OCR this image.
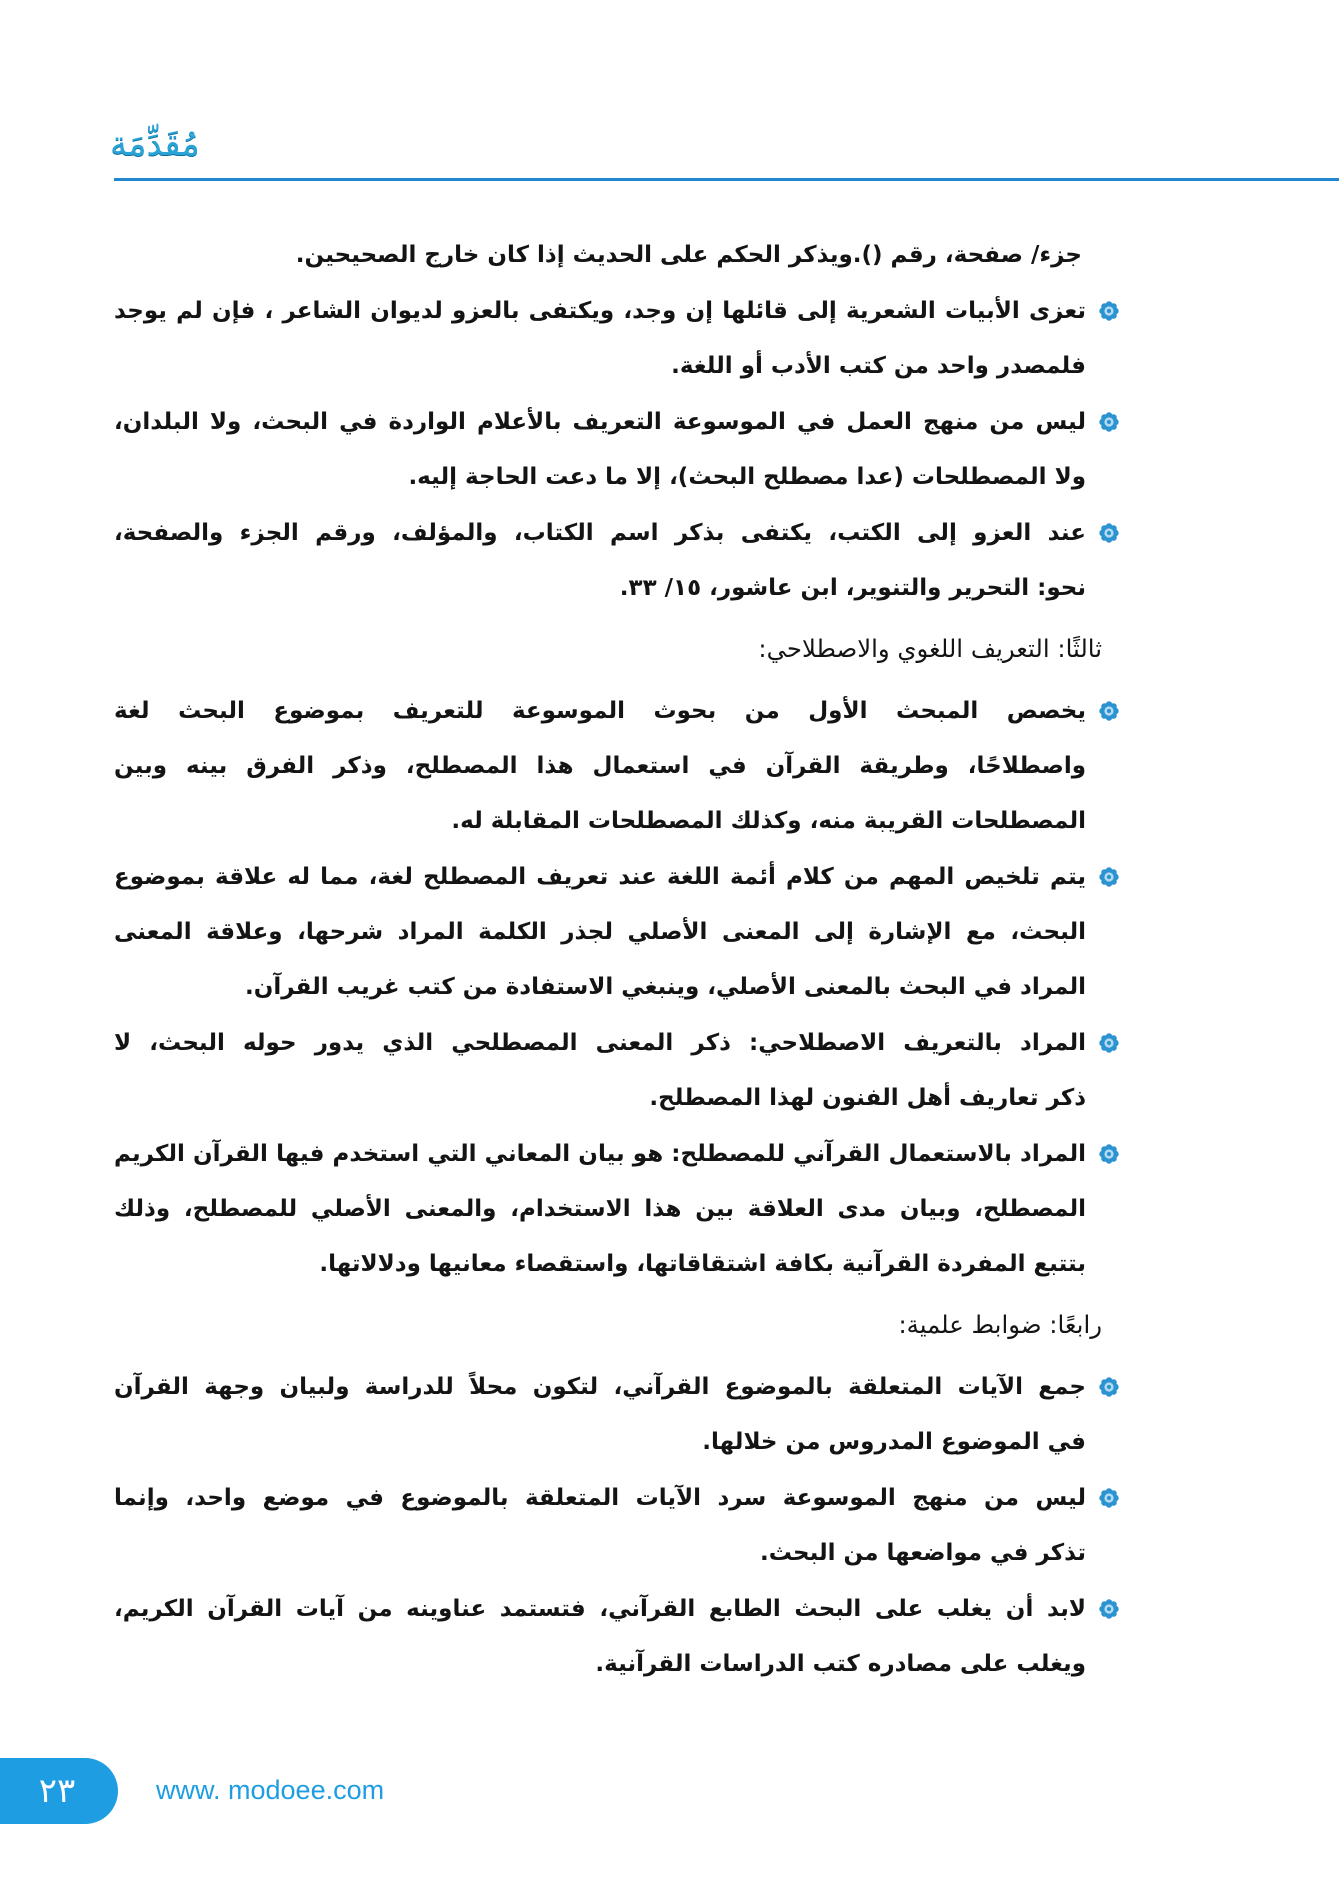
مُقَدِّمَة
جزء/ صفحة، رقم ().ويذكر الحكم على الحديث إذا كان خارج الصحيحين.
تعزى الأبيات الشعرية إلى قائلها إن وجد، ويكتفى بالعزو لديوان الشاعر ، فإن لم يوجد
فلمصدر واحد من كتب الأدب أو اللغة.
ليس من منهج العمل في الموسوعة التعريف بالأعلام الواردة في البحث، ولا البلدان،
ولا المصطلحات (عدا مصطلح البحث)، إلا ما دعت الحاجة إليه.
عند العزو إلى الكتب، يكتفى بذكر اسم الكتاب، والمؤلف، ورقم الجزء والصفحة،
نحو: التحرير والتنوير، ابن عاشور، ١٥/ ٣٣.
ثالثًا: التعريف اللغوي والاصطلاحي:
يخصص المبحث الأول من بحوث الموسوعة للتعريف بموضوع البحث لغة
واصطلاحًا، وطريقة القرآن في استعمال هذا المصطلح، وذكر الفرق بينه وبين
المصطلحات القريبة منه، وكذلك المصطلحات المقابلة له.
يتم تلخيص المهم من كلام أئمة اللغة عند تعريف المصطلح لغة، مما له علاقة بموضوع
البحث، مع الإشارة إلى المعنى الأصلي لجذر الكلمة المراد شرحها، وعلاقة المعنى
المراد في البحث بالمعنى الأصلي، وينبغي الاستفادة من كتب غريب القرآن.
المراد بالتعريف الاصطلاحي: ذكر المعنى المصطلحي الذي يدور حوله البحث، لا
ذكر تعاريف أهل الفنون لهذا المصطلح.
المراد بالاستعمال القرآني للمصطلح: هو بيان المعاني التي استخدم فيها القرآن الكريم
المصطلح، وبيان مدى العلاقة بين هذا الاستخدام، والمعنى الأصلي للمصطلح، وذلك
بتتبع المفردة القرآنية بكافة اشتقاقاتها، واستقصاء معانيها ودلالاتها.
رابعًا: ضوابط علمية:
جمع الآيات المتعلقة بالموضوع القرآني، لتكون محلاً للدراسة ولبيان وجهة القرآن
في الموضوع المدروس من خلالها.
ليس من منهج الموسوعة سرد الآيات المتعلقة بالموضوع في موضع واحد، وإنما
تذكر في مواضعها من البحث.
لابد أن يغلب على البحث الطابع القرآني، فتستمد عناوينه من آيات القرآن الكريم،
ويغلب على مصادره كتب الدراسات القرآنية.
٢٣	www. modoee.com
